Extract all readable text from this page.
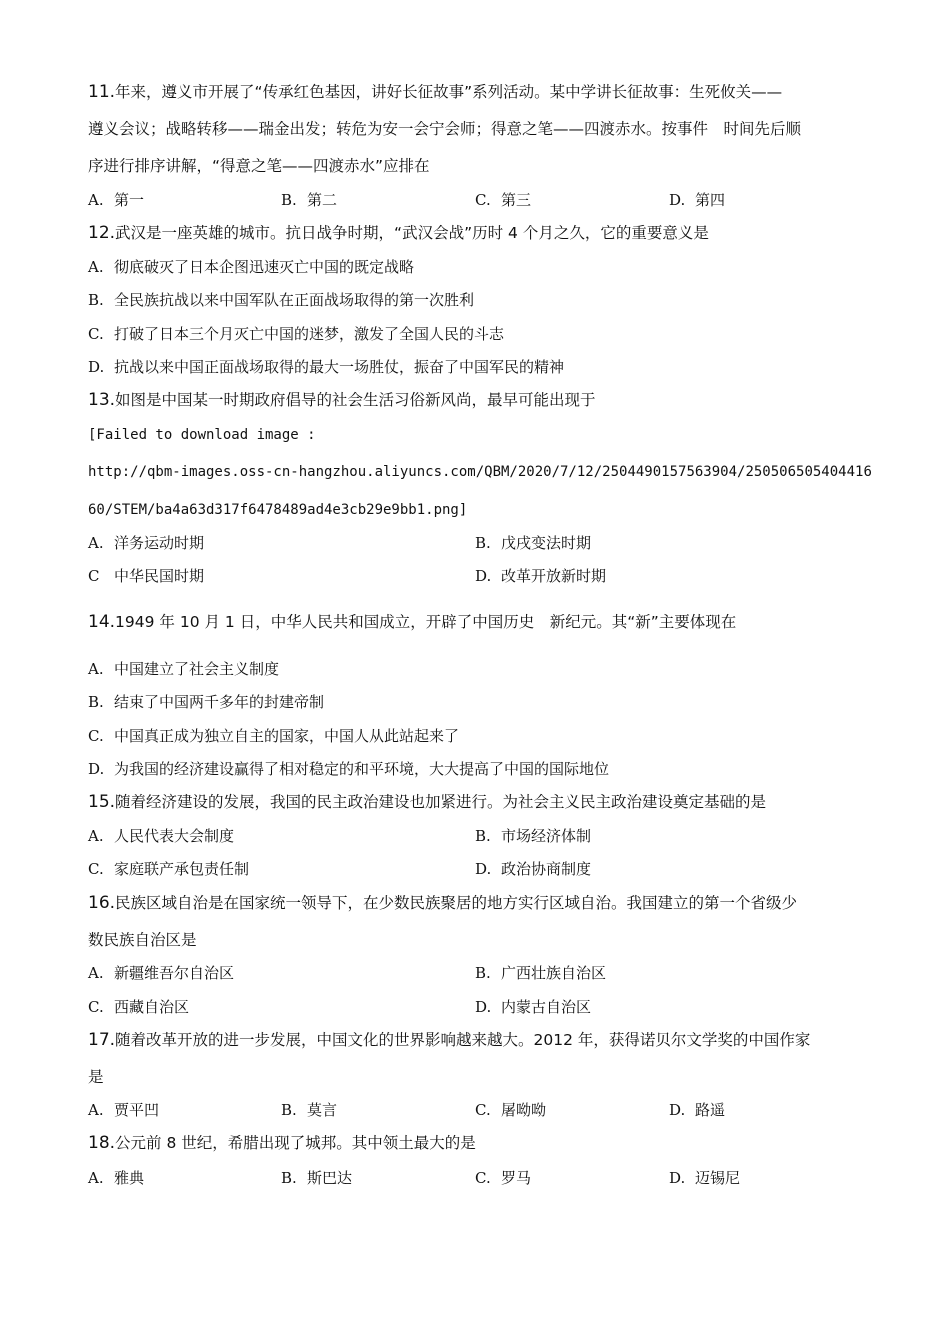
11.年来，遵义市开展了“传承红色基因，讲好长征故事”系列活动。某中学讲长征故事：生死攸关——
遵义会议；战略转移——瑞金出发；转危为安一会宁会师；得意之笔——四渡赤水。按事件　时间先后顺
序进行排序讲解，“得意之笔——四渡赤水”应排在
A. 第一	B. 第二	C. 第三	D. 第四
12.武汉是一座英雄的城市。抗日战争时期，“武汉会战”历时 4 个月之久，它的重要意义是
A. 彻底破灭了日本企图迅速灭亡中国的既定战略
B. 全民族抗战以来中国军队在正面战场取得的第一次胜利
C. 打破了日本三个月灭亡中国的迷梦，激发了全国人民的斗志
D. 抗战以来中国正面战场取得的最大一场胜仗，振奋了中国军民的精神
13.如图是中国某一时期政府倡导的社会生活习俗新风尚，最早可能出现于
[Failed to download image :
http://qbm-images.oss-cn-hangzhou.aliyuncs.com/QBM/2020/7/12/2504490157563904/250506505404416
60/STEM/ba4a63d317f6478489ad4e3cb29e9bb1.png]
A. 洋务运动时期	B. 戊戌变法时期
C 中华民国时期	D. 改革开放新时期
14.1949 年 10 月 1 日，中华人民共和国成立，开辟了中国历史　新纪元。其“新”主要体现在
A. 中国建立了社会主义制度
B. 结束了中国两千多年的封建帝制
C. 中国真正成为独立自主的国家，中国人从此站起来了
D. 为我国的经济建设赢得了相对稳定的和平环境，大大提高了中国的国际地位
15.随着经济建设的发展，我国的民主政治建设也加紧进行。为社会主义民主政治建设奠定基础的是
A. 人民代表大会制度	B. 市场经济体制
C. 家庭联产承包责任制	D. 政治协商制度
16.民族区域自治是在国家统一领导下，在少数民族聚居的地方实行区域自治。我国建立的第一个省级少
数民族自治区是
A. 新疆维吾尔自治区	B. 广西壮族自治区
C. 西藏自治区	D. 内蒙古自治区
17.随着改革开放的进一步发展，中国文化的世界影响越来越大。2012 年，获得诺贝尔文学奖的中国作家
是
A. 贾平凹	B. 莫言	C. 屠呦呦	D. 路遥
18.公元前 8 世纪，希腊出现了城邦。其中领土最大的是
A. 雅典	B. 斯巴达	C. 罗马	D. 迈锡尼
